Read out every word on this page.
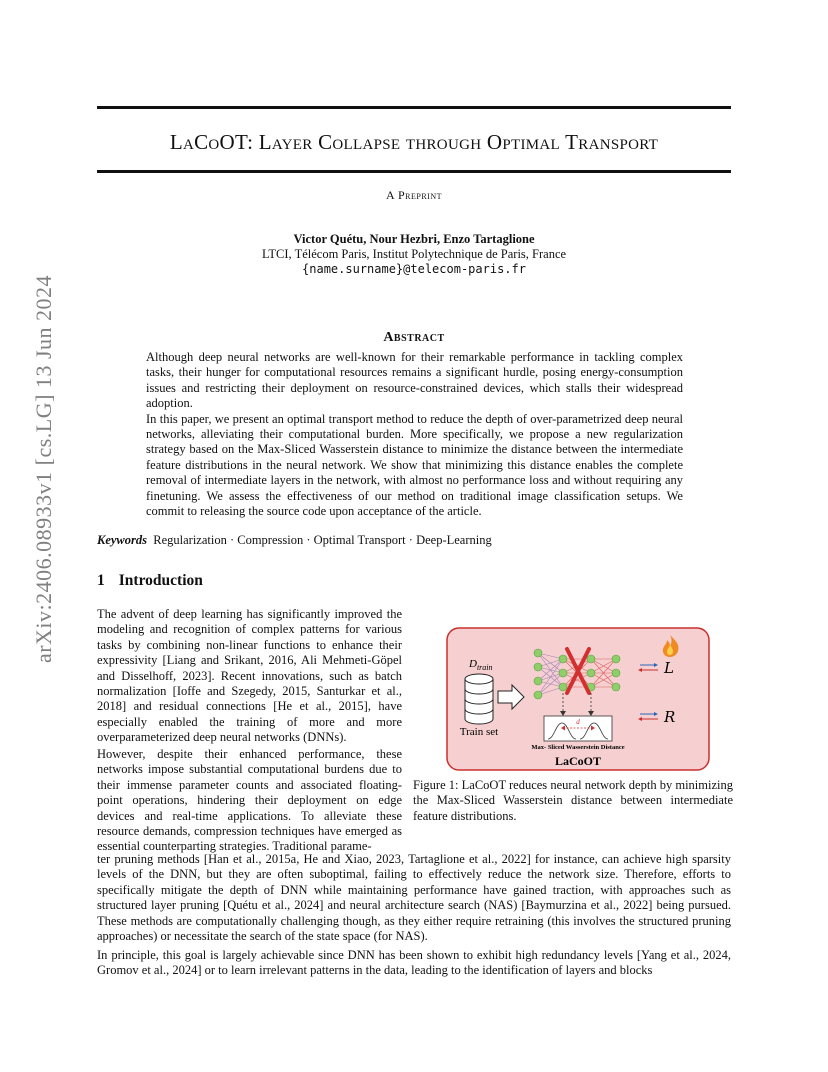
arXiv:2406.08933v1 [cs.LG] 13 Jun 2024
LaCoOT: Layer Collapse through Optimal Transport
A Preprint
Victor Quétu, Nour Hezbri, Enzo Tartaglione
LTCI, Télécom Paris, Institut Polytechnique de Paris, France
{name.surname}@telecom-paris.fr
Abstract

Although deep neural networks are well-known for their remarkable performance in tackling complex tasks, their hunger for computational resources remains a significant hurdle, posing energy-consumption issues and restricting their deployment on resource-constrained devices, which stalls their widespread adoption.

In this paper, we present an optimal transport method to reduce the depth of over-parametrized deep neural networks, alleviating their computational burden. More specifically, we propose a new regularization strategy based on the Max-Sliced Wasserstein distance to minimize the distance between the intermediate feature distributions in the neural network. We show that minimizing this distance enables the complete removal of intermediate layers in the network, with almost no performance loss and without requiring any finetuning. We assess the effectiveness of our method on traditional image classification setups. We commit to releasing the source code upon acceptance of the article.

Keywords Regularization · Compression · Optimal Transport · Deep-Learning
1 Introduction

The advent of deep learning has significantly improved the modeling and recognition of complex patterns for various tasks by combining non-linear functions to enhance their expressivity [Liang and Srikant, 2016, Ali Mehmeti-Göpel and Disselhoff, 2023]. Recent innovations, such as batch normalization [Ioffe and Szegedy, 2015, Santurkar et al., 2018] and residual connections [He et al., 2015], have especially enabled the training of more and more overparameterized deep neural networks (DNNs).

However, despite their enhanced performance, these networks impose substantial computational burdens due to their immense parameter counts and associated floating-point operations, hindering their deployment on edge devices and real-time applications. To alleviate these resource demands, compression techniques have emerged as essential counterparting strategies. Traditional parame-

ter pruning methods [Han et al., 2015a, He and Xiao, 2023, Tartaglione et al., 2022] for instance, can achieve high sparsity levels of the DNN, but they are often suboptimal, failing to effectively reduce the network size. Therefore, efforts to specifically mitigate the depth of DNN while maintaining performance have gained traction, with approaches such as structured layer pruning [Quétu et al., 2024] and neural architecture search (NAS) [Baymurzina et al., 2022] being pursued. These methods are computationally challenging though, as they either require retraining (this involves the structured pruning approaches) or necessitate the search of the state space (for NAS).

In principle, this goal is largely achievable since DNN has been shown to exhibit high redundancy levels [Yang et al., 2024, Gromov et al., 2024] or to learn irrelevant patterns in the data, leading to the identification of layers and blocks

$D_{train}$
Train set
d
Max- Sliced Wasserstein Distance
L
R
LaCoOT
Figure 1: LaCoOT reduces neural network depth by minimizing the Max-Sliced Wasserstein distance between intermediate feature distributions.
